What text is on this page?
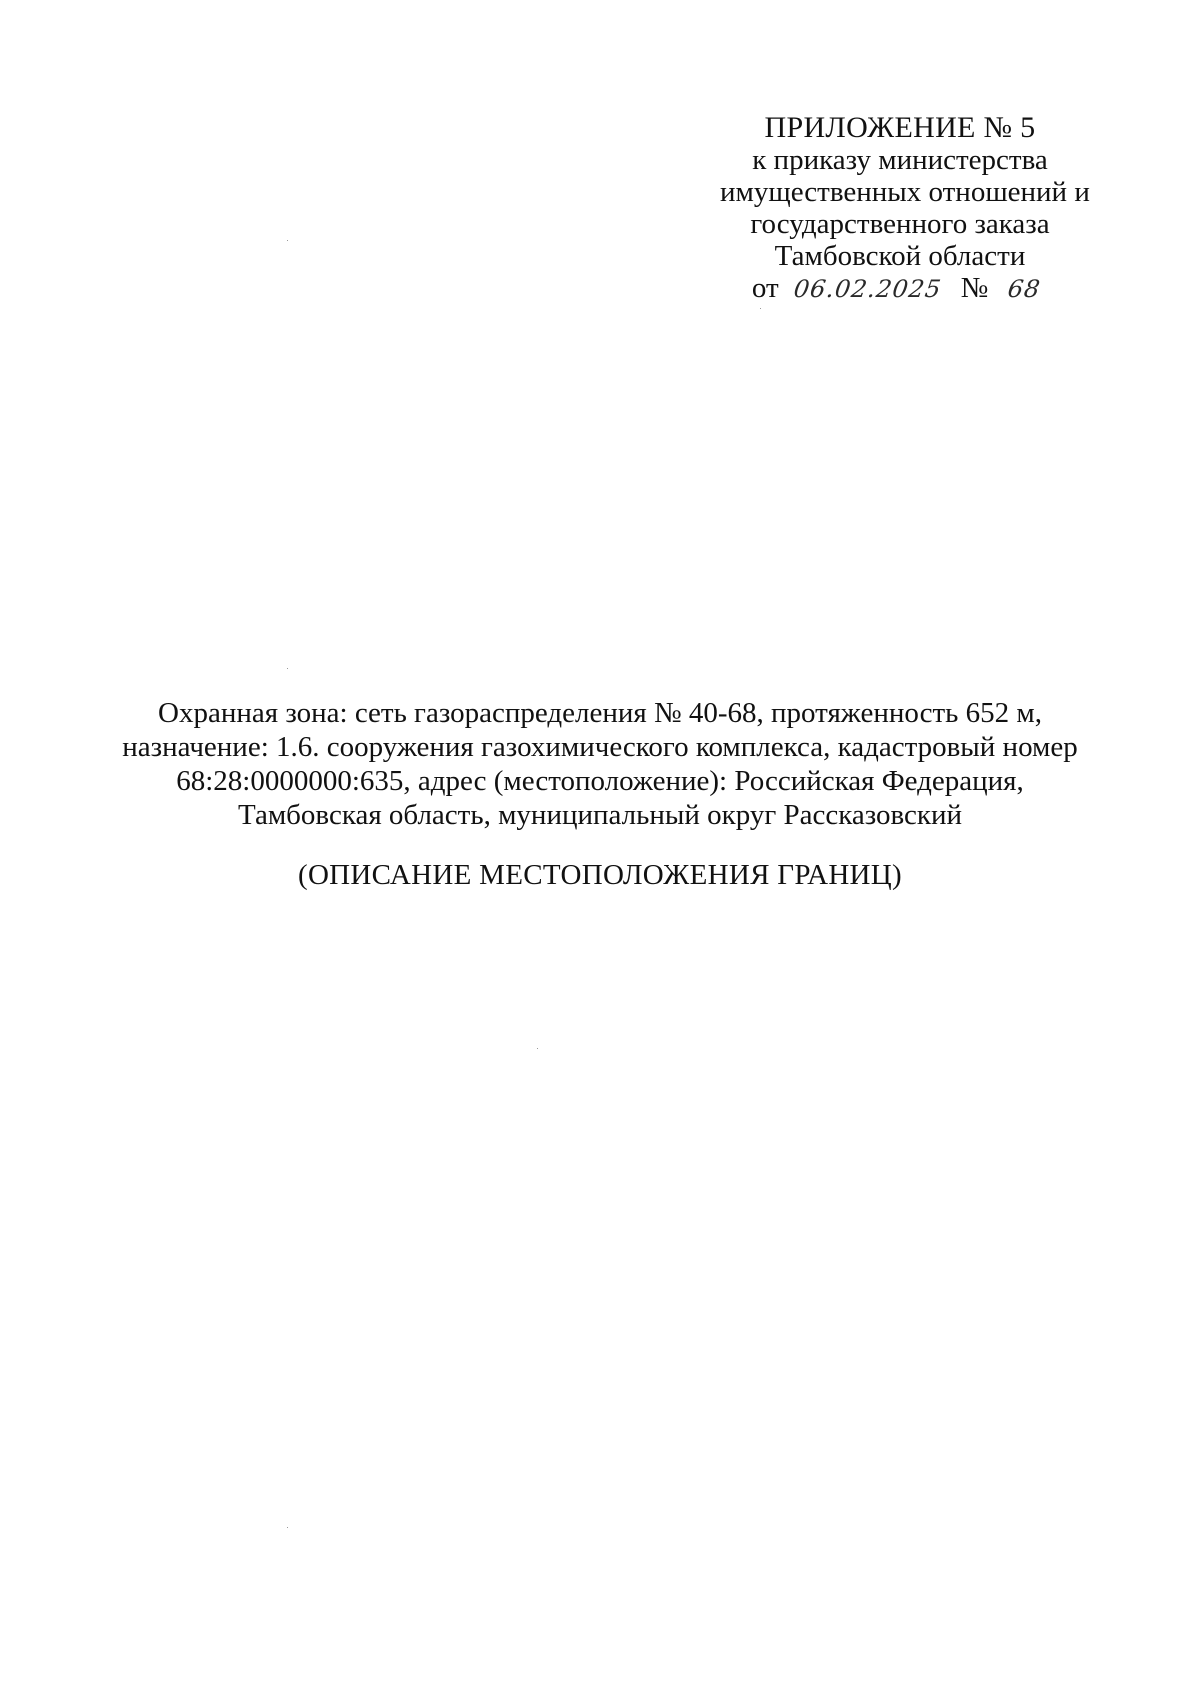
ПРИЛОЖЕНИЕ № 5
к приказу министерства
имущественных отношений и
государственного заказа
Тамбовской области
от 06.02.2025 № 68
Охранная зона: сеть газораспределения № 40-68, протяженность 652 м,
назначение: 1.6. сооружения газохимического комплекса, кадастровый номер
68:28:0000000:635, адрес (местоположение): Российская Федерация,
Тамбовская область, муниципальный округ Рассказовский
(ОПИСАНИЕ МЕСТОПОЛОЖЕНИЯ ГРАНИЦ)
